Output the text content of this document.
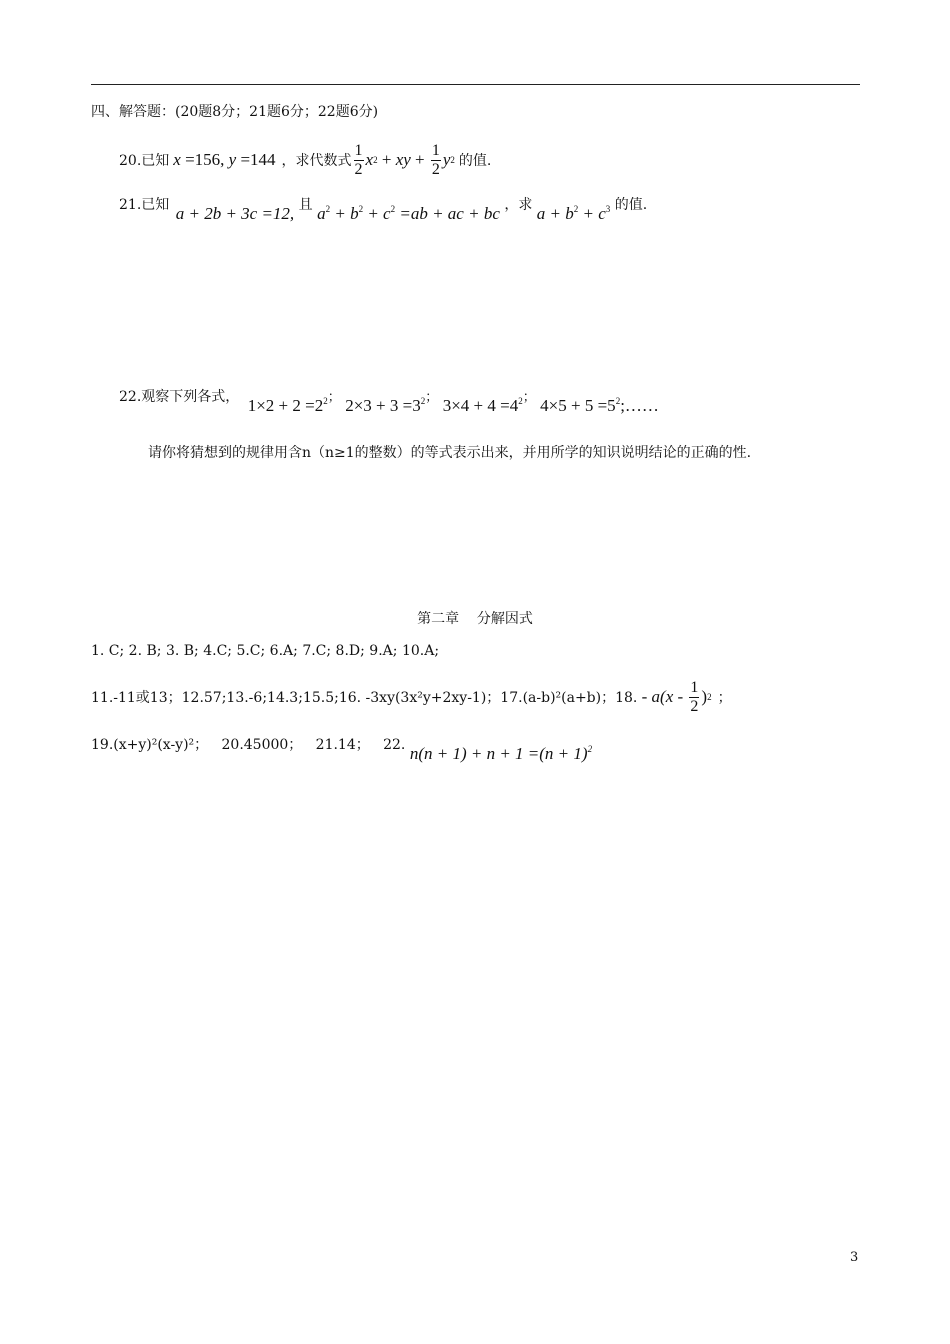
四、解答题：(20题8分；21题6分；22题6分)
20.已知 x =156, y =144 ，求代数式 $\frac{1}{2}$ x 2 + xy + $\frac{1}{2}$ y 2 的值.
21.已知 a + 2b + 3c =12, 且 $a^2 + b^2 + c^2 =ab$ + ac + bc ，求 $a + b^2 + c^3$ 的值.
22.观察下列各式， $1\times 2 + 2 =2^2$； $2\times 3 + 3 =3^2$； $3\times 4 + 4 =4^2$； $4\times 5 + 5 =5^2;\dots\dots$
请你将猜想到的规律用含n（n≥1的整数）的等式表示出来，并用所学的知识说明结论的正确的性.
第二章    分解因式
1. C; 2. B; 3. B; 4.C; 5.C; 6.A; 7.C; 8.D; 9.A; 10.A;
11.-11或13；12.57;13.-6;14.3;15.5;16. -3xy(3x²y+2xy-1)；17.(a-b)²(a+b)；18. - a ($x - \frac{1}{2}$ ) 2 ；
19.(x+y)²(x-y)²；   20.45000；   21.14；   22. $n(n + 1) + n + 1 =(n + 1)^2$
3
